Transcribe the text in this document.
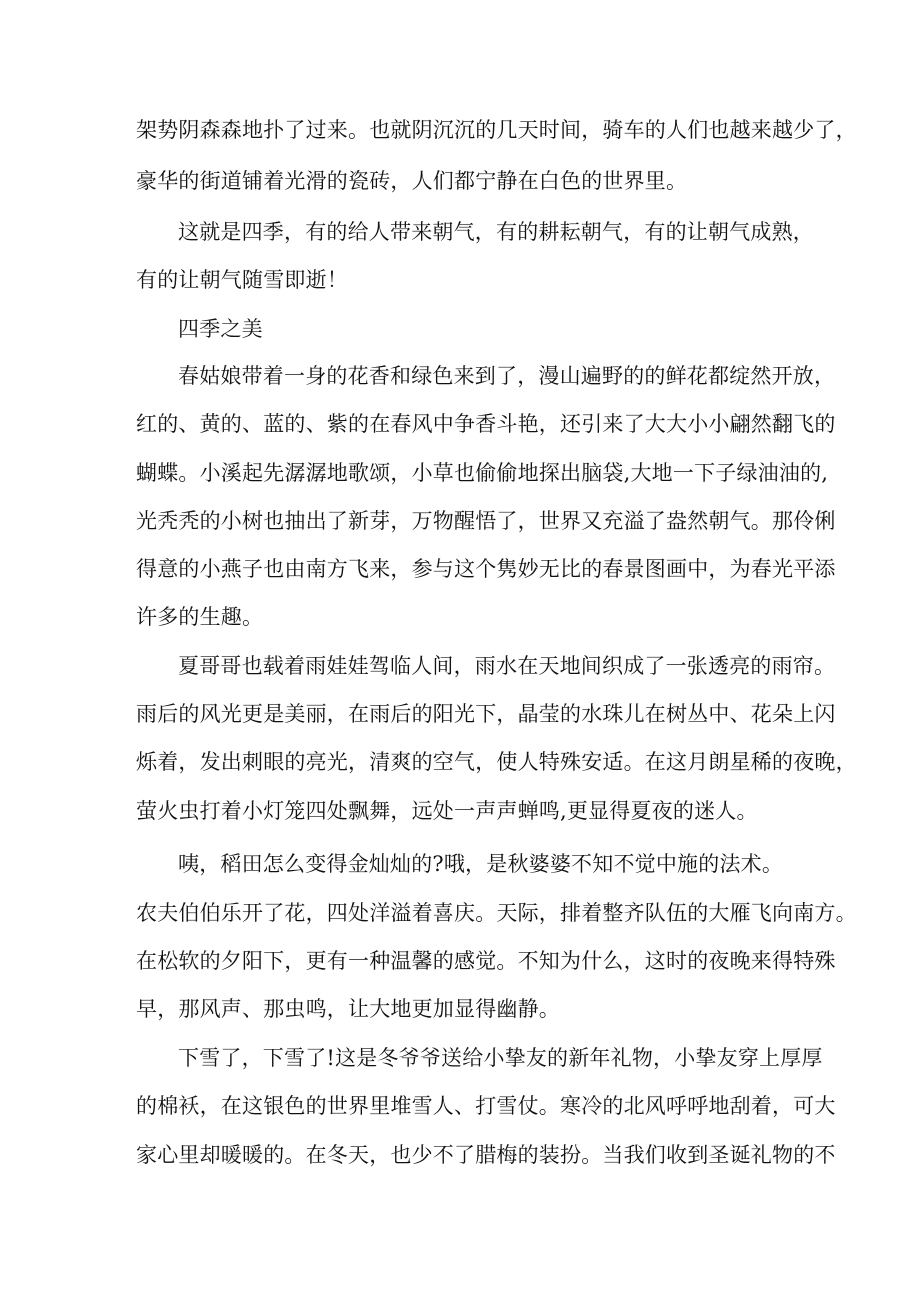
架势阴森森地扑了过来。也就阴沉沉的几天时间，骑车的人们也越来越少了，
豪华的街道铺着光滑的瓷砖，人们都宁静在白色的世界里。
这就是四季，有的给人带来朝气，有的耕耘朝气，有的让朝气成熟，
有的让朝气随雪即逝！
四季之美
春姑娘带着一身的花香和绿色来到了，漫山遍野的的鲜花都绽然开放，
红的、黄的、蓝的、紫的在春风中争香斗艳，还引来了大大小小翩然翻飞的
蝴蝶。小溪起先潺潺地歌颂，小草也偷偷地探出脑袋,大地一下子绿油油的,
光秃秃的小树也抽出了新芽，万物醒悟了，世界又充溢了盎然朝气。那伶俐
得意的小燕子也由南方飞来，参与这个隽妙无比的春景图画中，为春光平添
许多的生趣。
夏哥哥也载着雨娃娃驾临人间，雨水在天地间织成了一张透亮的雨帘。
雨后的风光更是美丽，在雨后的阳光下，晶莹的水珠儿在树丛中、花朵上闪
烁着，发出刺眼的亮光，清爽的空气，使人特殊安适。在这月朗星稀的夜晚，
萤火虫打着小灯笼四处飘舞，远处一声声蝉鸣,更显得夏夜的迷人。
咦，稻田怎么变得金灿灿的?哦，是秋婆婆不知不觉中施的法术。
农夫伯伯乐开了花，四处洋溢着喜庆。天际，排着整齐队伍的大雁飞向南方。
在松软的夕阳下，更有一种温馨的感觉。不知为什么，这时的夜晚来得特殊
早，那风声、那虫鸣，让大地更加显得幽静。
下雪了，下雪了!这是冬爷爷送给小挚友的新年礼物，小挚友穿上厚厚
的棉袄，在这银色的世界里堆雪人、打雪仗。寒冷的北风呼呼地刮着，可大
家心里却暖暖的。在冬天，也少不了腊梅的装扮。当我们收到圣诞礼物的不
